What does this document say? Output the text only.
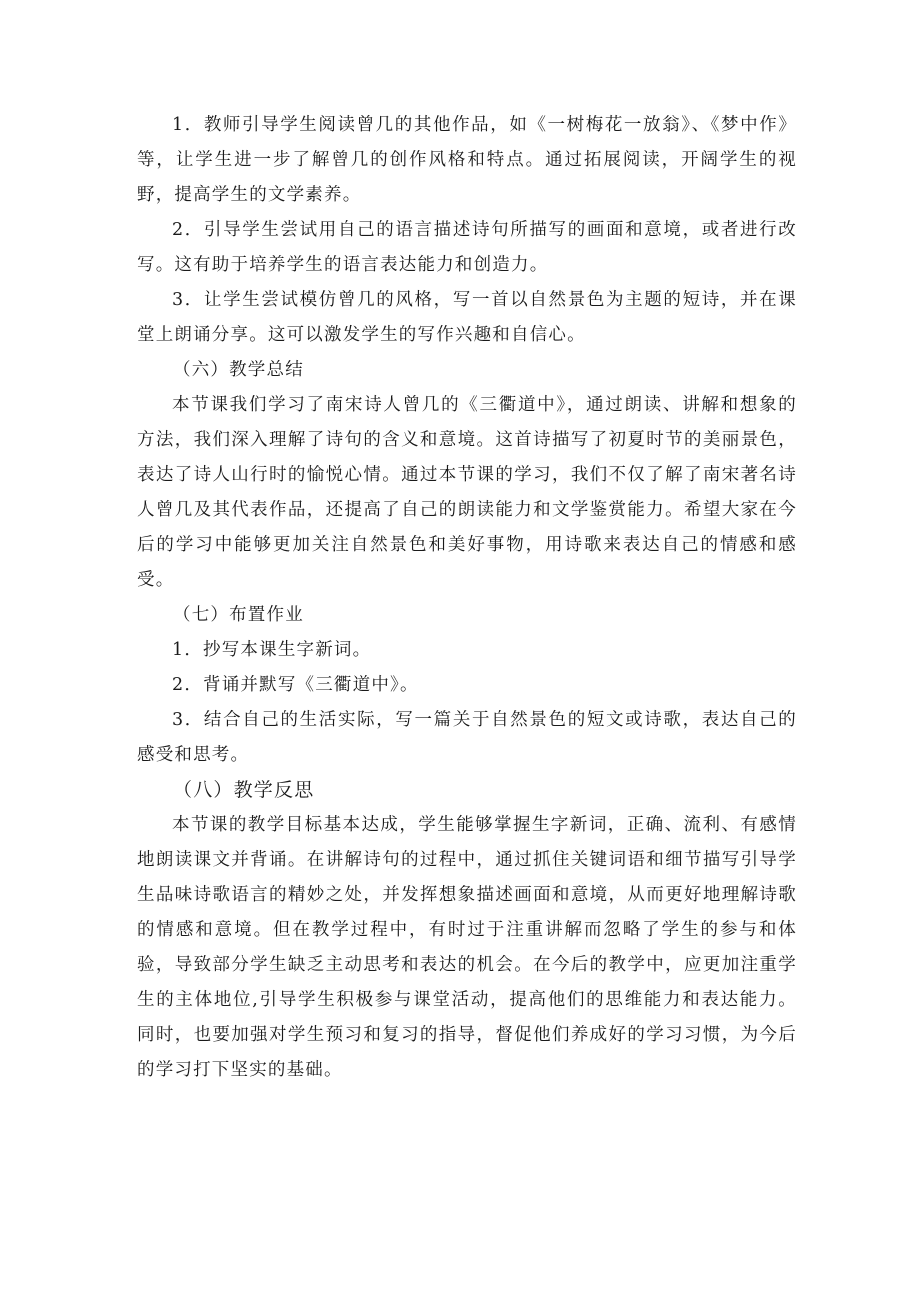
1．教师引导学生阅读曾几的其他作品，如《一树梅花一放翁》、《梦中作》等，让学生进一步了解曾几的创作风格和特点。通过拓展阅读，开阔学生的视野，提高学生的文学素养。

2．引导学生尝试用自己的语言描述诗句所描写的画面和意境，或者进行改写。这有助于培养学生的语言表达能力和创造力。

3．让学生尝试模仿曾几的风格，写一首以自然景色为主题的短诗，并在课堂上朗诵分享。这可以激发学生的写作兴趣和自信心。

（六）教学总结

本节课我们学习了南宋诗人曾几的《三衢道中》，通过朗读、讲解和想象的方法，我们深入理解了诗句的含义和意境。这首诗描写了初夏时节的美丽景色，表达了诗人山行时的愉悦心情。通过本节课的学习，我们不仅了解了南宋著名诗人曾几及其代表作品，还提高了自己的朗读能力和文学鉴赏能力。希望大家在今后的学习中能够更加关注自然景色和美好事物，用诗歌来表达自己的情感和感受。

（七）布置作业

1．抄写本课生字新词。

2．背诵并默写《三衢道中》。

3．结合自己的生活实际，写一篇关于自然景色的短文或诗歌，表达自己的感受和思考。

（八）教学反思

本节课的教学目标基本达成，学生能够掌握生字新词，正确、流利、有感情地朗读课文并背诵。在讲解诗句的过程中，通过抓住关键词语和细节描写引导学生品味诗歌语言的精妙之处，并发挥想象描述画面和意境，从而更好地理解诗歌的情感和意境。但在教学过程中，有时过于注重讲解而忽略了学生的参与和体验，导致部分学生缺乏主动思考和表达的机会。在今后的教学中，应更加注重学生的主体地位,引导学生积极参与课堂活动，提高他们的思维能力和表达能力。同时，也要加强对学生预习和复习的指导，督促他们养成好的学习习惯，为今后的学习打下坚实的基础。
